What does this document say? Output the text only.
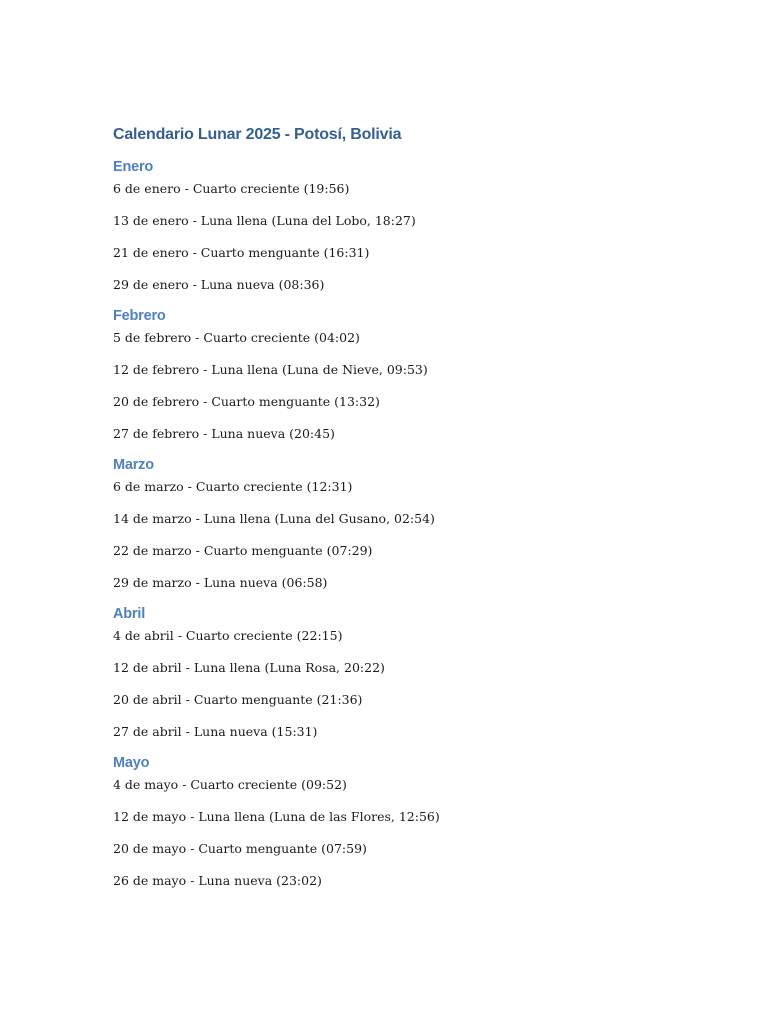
Calendario Lunar 2025 - Potosí, Bolivia
Enero
6 de enero - Cuarto creciente (19:56)
13 de enero - Luna llena (Luna del Lobo, 18:27)
21 de enero - Cuarto menguante (16:31)
29 de enero - Luna nueva (08:36)
Febrero
5 de febrero - Cuarto creciente (04:02)
12 de febrero - Luna llena (Luna de Nieve, 09:53)
20 de febrero - Cuarto menguante (13:32)
27 de febrero - Luna nueva (20:45)
Marzo
6 de marzo - Cuarto creciente (12:31)
14 de marzo - Luna llena (Luna del Gusano, 02:54)
22 de marzo - Cuarto menguante (07:29)
29 de marzo - Luna nueva (06:58)
Abril
4 de abril - Cuarto creciente (22:15)
12 de abril - Luna llena (Luna Rosa, 20:22)
20 de abril - Cuarto menguante (21:36)
27 de abril - Luna nueva (15:31)
Mayo
4 de mayo - Cuarto creciente (09:52)
12 de mayo - Luna llena (Luna de las Flores, 12:56)
20 de mayo - Cuarto menguante (07:59)
26 de mayo - Luna nueva (23:02)
